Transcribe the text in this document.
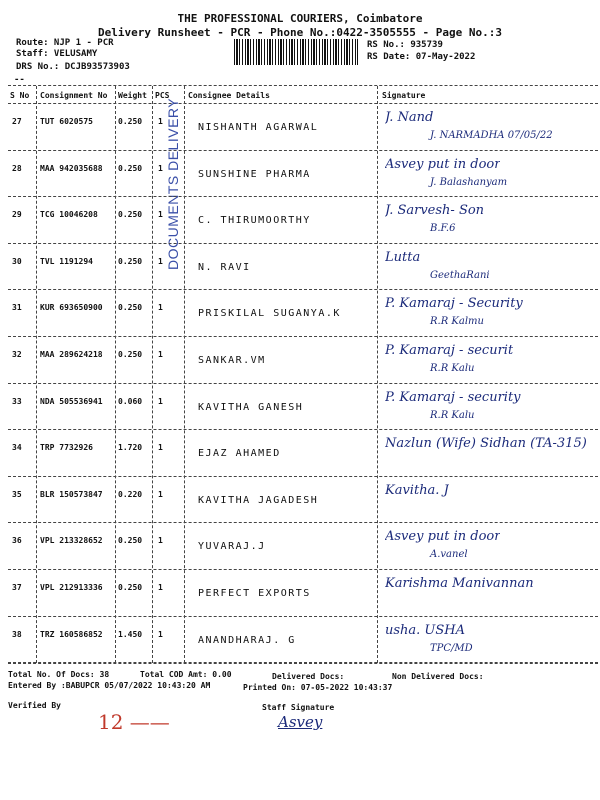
THE PROFESSIONAL COURIERS, Coimbatore
Delivery Runsheet - PCR - Phone No.:0422-3505555 - Page No.:3
Route: NJP 1 - PCR
Staff: VELUSAMY
DRS No.: DCJB93573903
--
RS No.: 935739
RS Date: 07-May-2022
S No Consignment No Weight PCS Consignee Details	Signature
DOCUMENTS DELIVERY
27 TUT 6020575	0.250 1
NISHANTH AGARWAL
J. Nand
J. NARMADHA 07/05/22
28 MAA 942035688 0.250 1
SUNSHINE PHARMA
Asvey put in door
J. Balashanyam
29 TCG 10046208	0.250 1
C. THIRUMOORTHY
J. Sarvesh- Son
B.F.6
30 TVL 1191294	0.250 1
N. RAVI
Lutta
GeethaRani
31 KUR 693650900 0.250 1
PRISKILAL SUGANYA.K
P. Kamaraj - Security
R.R Kalmu
32 MAA 289624218 0.250 1
SANKAR.VM
P. Kamaraj - securit
R.R Kalu
33 NDA 505536941 0.060 1
KAVITHA GANESH
P. Kamaraj - security
R.R Kalu
34 TRP 7732926	1.720 1
EJAZ AHAMED
Nazlun (Wife) Sidhan (TA-315)
35 BLR 150573847 0.220 1
KAVITHA JAGADESH
Kavitha. J
36 VPL 213328652 0.250 1
YUVARAJ.J
Asvey put in door
A.vanel
37 VPL 212913336 0.250 1
PERFECT EXPORTS
Karishma Manivannan
38 TRZ 160586852 1.450 1
ANANDHARAJ. G
usha. USHA
TPC/MD
Total No. Of Docs: 38	Total COD Amt: 0.00	Delivered Docs:	Non Delivered Docs:
Entered By :BABUPCR 05/07/2022 10:43:20 AM	Printed On: 07-05-2022 10:43:37
Verified By	Staff Signature
12 ——	Asvey
